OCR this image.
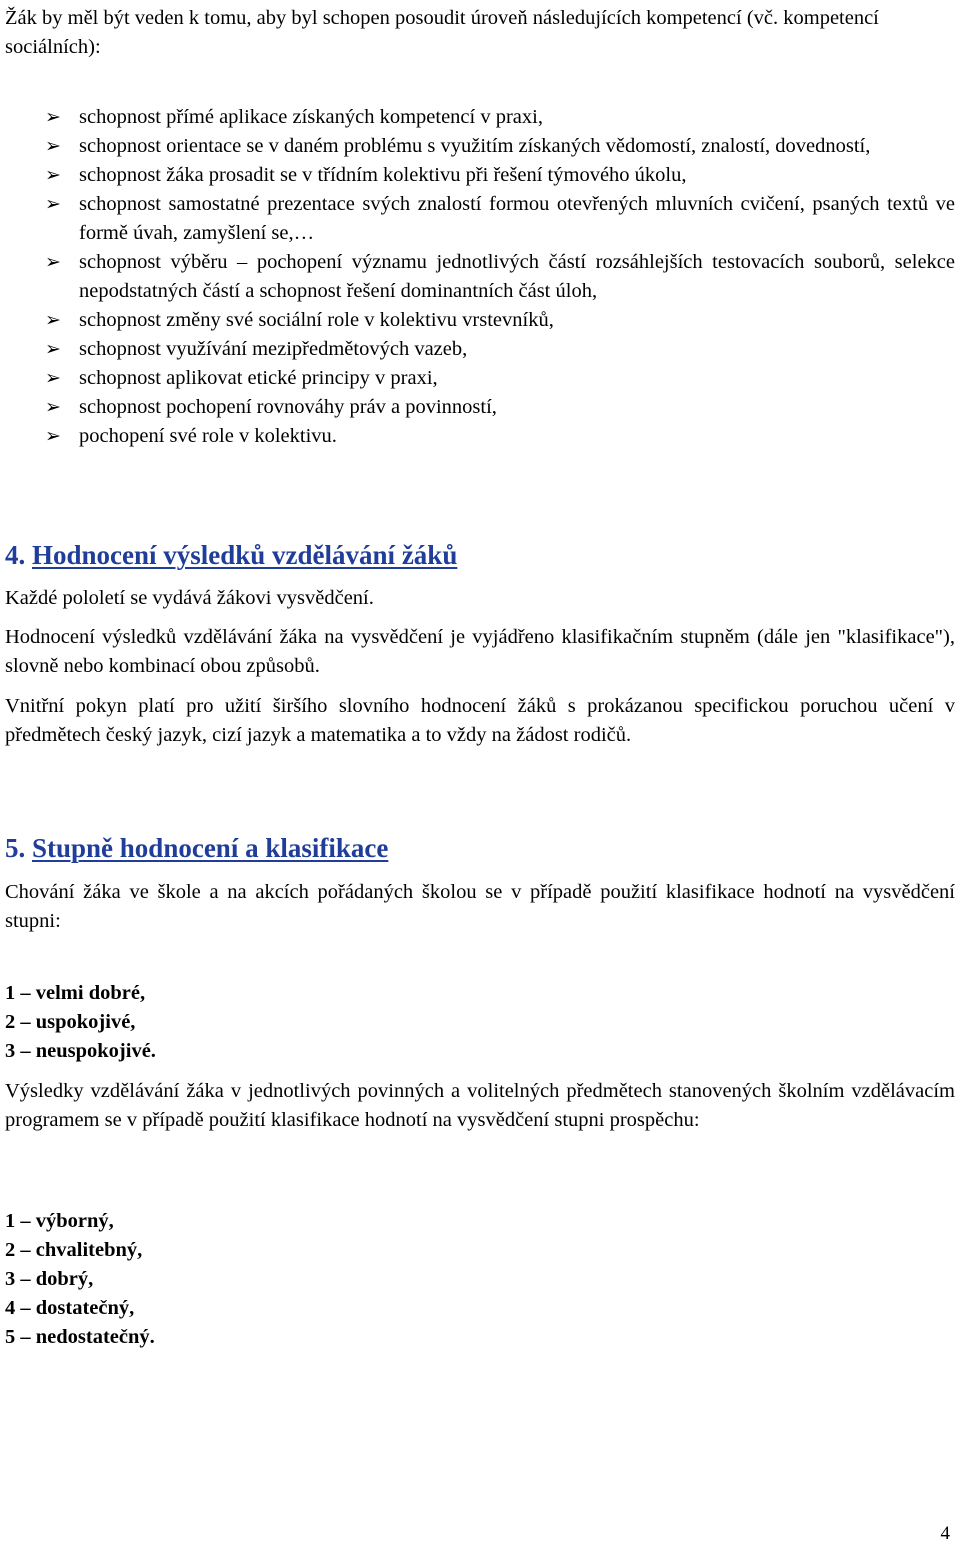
Žák by měl být veden k tomu, aby byl schopen posoudit úroveň následujících kompetencí (vč. kompetencí sociálních):
➢ schopnost přímé aplikace získaných kompetencí v praxi,
➢ schopnost orientace se v daném problému s využitím získaných vědomostí, znalostí, dovedností,
➢ schopnost žáka prosadit se v třídním kolektivu při řešení týmového úkolu,
➢ schopnost samostatné prezentace svých znalostí formou otevřených mluvních cvičení, psaných textů ve formě úvah, zamyšlení se,…
➢ schopnost výběru – pochopení významu jednotlivých částí rozsáhlejších testovacích souborů, selekce nepodstatných částí a schopnost řešení dominantních část úloh,
➢ schopnost změny své sociální role v kolektivu vrstevníků,
➢ schopnost využívání mezipředmětových vazeb,
➢ schopnost aplikovat etické principy v praxi,
➢ schopnost pochopení rovnováhy práv a povinností,
➢ pochopení své role v kolektivu.
4. Hodnocení výsledků vzdělávání žáků

Každé pololetí se vydává žákovi vysvědčení.

Hodnocení výsledků vzdělávání žáka na vysvědčení je vyjádřeno klasifikačním stupněm (dále jen "klasifikace"), slovně nebo kombinací obou způsobů.

Vnitřní pokyn platí pro užití širšího slovního hodnocení žáků s prokázanou specifickou poruchou učení v předmětech český jazyk, cizí jazyk a matematika a to vždy na žádost rodičů.

5. Stupně hodnocení a klasifikace

Chování žáka ve škole a na akcích pořádaných školou se v případě použití klasifikace hodnotí na vysvědčení stupni:

1 – velmi dobré,
2 – uspokojivé,
3 – neuspokojivé.

Výsledky vzdělávání žáka v jednotlivých povinných a volitelných předmětech stanovených školním vzdělávacím programem se v případě použití klasifikace hodnotí na vysvědčení stupni prospěchu:

1 – výborný,
2 – chvalitebný,
3 – dobrý,
4 – dostatečný,
5 – nedostatečný.
4
